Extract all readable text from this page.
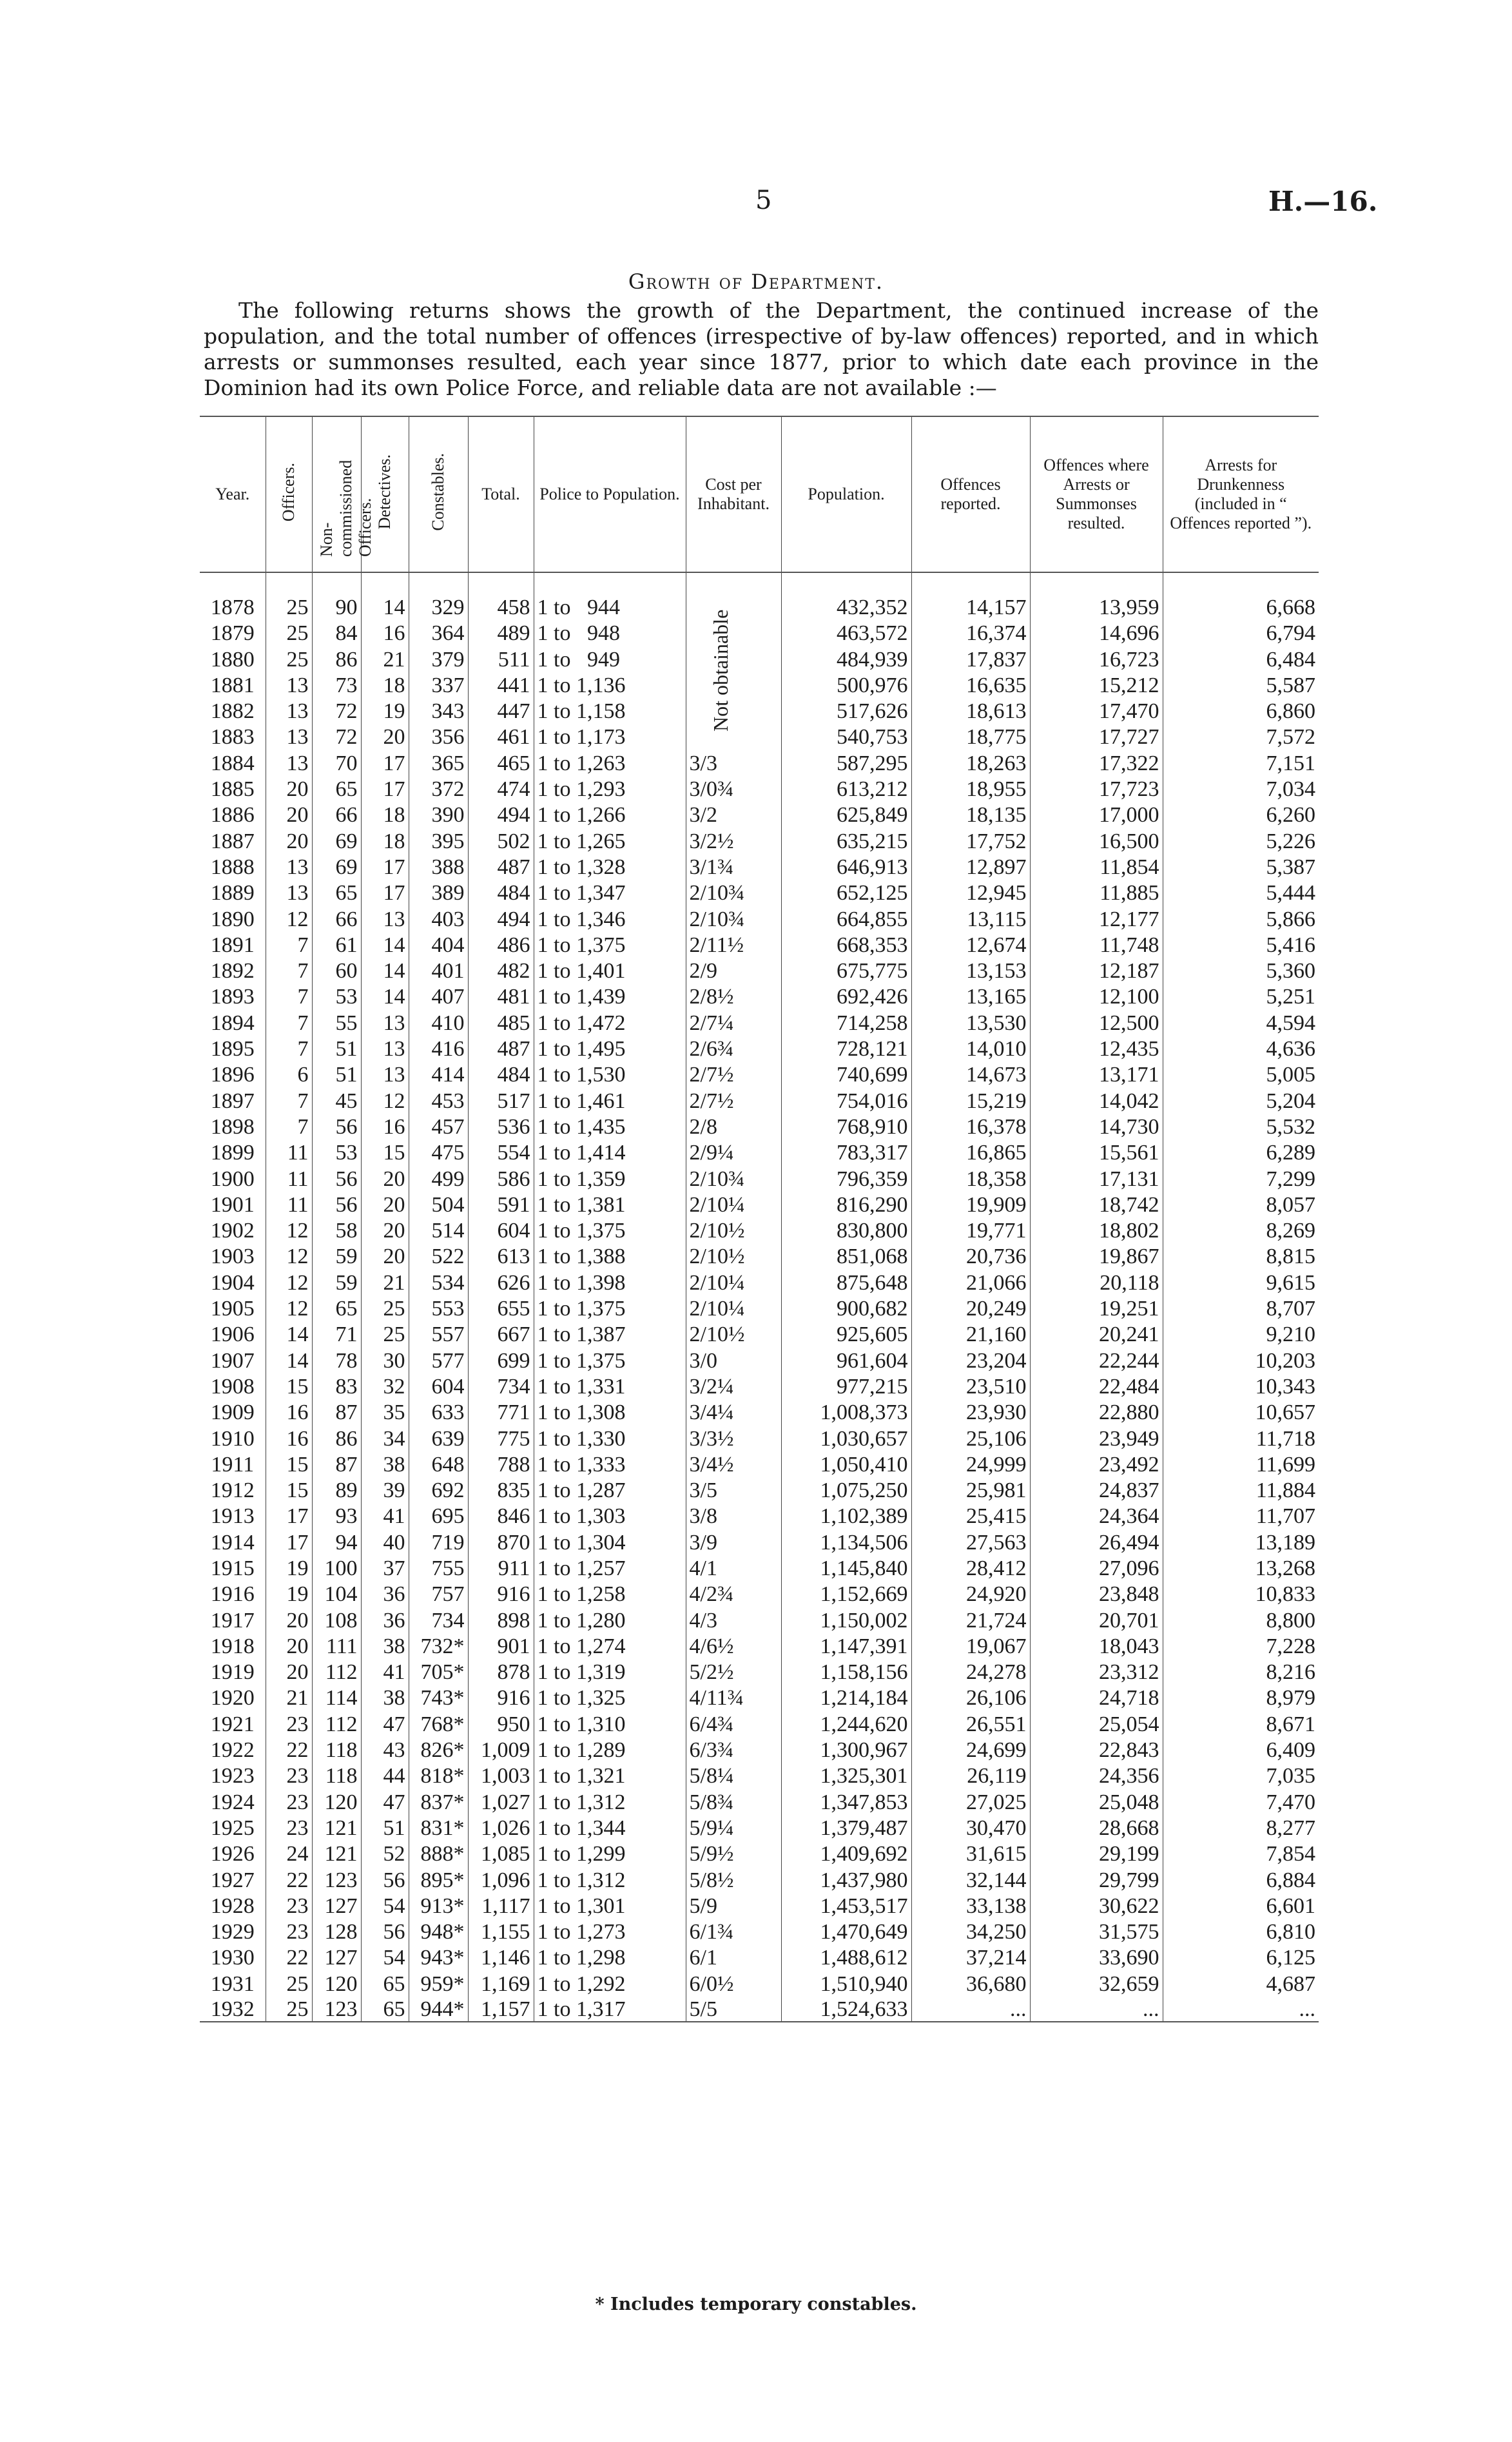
5	H.—16.
Growth of Department.

The following returns shows the growth of the Department, the continued increase of the population, and the total number of offences (irrespective of by-law offences) reported, and in which arrests or summonses resulted, each year since 1877, prior to which date each province in the Dominion had its own Police Force, and reliable data are not available :—

Year.	Officers.	Non-commissioned Officers.	Detectives.	Constables.	Total.	Police to Population.	Cost per Inhabitant.	Population.	Offences reported.	Offences where Arrests or Summonses resulted.	Arrests for Drunkenness (included in “ Offences reported ”).
1878	25	90	14	329	458	1 to   944	Not obtainable	432,352	14,157	13,959	6,668
1879	25	84	16	364	489	1 to   948		463,572	16,374	14,696	6,794
1880	25	86	21	379	511	1 to   949		484,939	17,837	16,723	6,484
1881	13	73	18	337	441	1 to 1,136		500,976	16,635	15,212	5,587
1882	13	72	19	343	447	1 to 1,158		517,626	18,613	17,470	6,860
1883	13	72	20	356	461	1 to 1,173		540,753	18,775	17,727	7,572
1884	13	70	17	365	465	1 to 1,263	3/3	587,295	18,263	17,322	7,151
1885	20	65	17	372	474	1 to 1,293	3/0¾	613,212	18,955	17,723	7,034
1886	20	66	18	390	494	1 to 1,266	3/2	625,849	18,135	17,000	6,260
1887	20	69	18	395	502	1 to 1,265	3/2½	635,215	17,752	16,500	5,226
1888	13	69	17	388	487	1 to 1,328	3/1¾	646,913	12,897	11,854	5,387
1889	13	65	17	389	484	1 to 1,347	2/10¾	652,125	12,945	11,885	5,444
1890	12	66	13	403	494	1 to 1,346	2/10¾	664,855	13,115	12,177	5,866
1891	7	61	14	404	486	1 to 1,375	2/11½	668,353	12,674	11,748	5,416
1892	7	60	14	401	482	1 to 1,401	2/9	675,775	13,153	12,187	5,360
1893	7	53	14	407	481	1 to 1,439	2/8½	692,426	13,165	12,100	5,251
1894	7	55	13	410	485	1 to 1,472	2/7¼	714,258	13,530	12,500	4,594
1895	7	51	13	416	487	1 to 1,495	2/6¾	728,121	14,010	12,435	4,636
1896	6	51	13	414	484	1 to 1,530	2/7½	740,699	14,673	13,171	5,005
1897	7	45	12	453	517	1 to 1,461	2/7½	754,016	15,219	14,042	5,204
1898	7	56	16	457	536	1 to 1,435	2/8	768,910	16,378	14,730	5,532
1899	11	53	15	475	554	1 to 1,414	2/9¼	783,317	16,865	15,561	6,289
1900	11	56	20	499	586	1 to 1,359	2/10¾	796,359	18,358	17,131	7,299
1901	11	56	20	504	591	1 to 1,381	2/10¼	816,290	19,909	18,742	8,057
1902	12	58	20	514	604	1 to 1,375	2/10½	830,800	19,771	18,802	8,269
1903	12	59	20	522	613	1 to 1,388	2/10½	851,068	20,736	19,867	8,815
1904	12	59	21	534	626	1 to 1,398	2/10¼	875,648	21,066	20,118	9,615
1905	12	65	25	553	655	1 to 1,375	2/10¼	900,682	20,249	19,251	8,707
1906	14	71	25	557	667	1 to 1,387	2/10½	925,605	21,160	20,241	9,210
1907	14	78	30	577	699	1 to 1,375	3/0	961,604	23,204	22,244	10,203
1908	15	83	32	604	734	1 to 1,331	3/2¼	977,215	23,510	22,484	10,343
1909	16	87	35	633	771	1 to 1,308	3/4¼	1,008,373	23,930	22,880	10,657
1910	16	86	34	639	775	1 to 1,330	3/3½	1,030,657	25,106	23,949	11,718
1911	15	87	38	648	788	1 to 1,333	3/4½	1,050,410	24,999	23,492	11,699
1912	15	89	39	692	835	1 to 1,287	3/5	1,075,250	25,981	24,837	11,884
1913	17	93	41	695	846	1 to 1,303	3/8	1,102,389	25,415	24,364	11,707
1914	17	94	40	719	870	1 to 1,304	3/9	1,134,506	27,563	26,494	13,189
1915	19	100	37	755	911	1 to 1,257	4/1	1,145,840	28,412	27,096	13,268
1916	19	104	36	757	916	1 to 1,258	4/2¾	1,152,669	24,920	23,848	10,833
1917	20	108	36	734	898	1 to 1,280	4/3	1,150,002	21,724	20,701	8,800
1918	20	111	38	732*	901	1 to 1,274	4/6½	1,147,391	19,067	18,043	7,228
1919	20	112	41	705*	878	1 to 1,319	5/2½	1,158,156	24,278	23,312	8,216
1920	21	114	38	743*	916	1 to 1,325	4/11¾	1,214,184	26,106	24,718	8,979
1921	23	112	47	768*	950	1 to 1,310	6/4¾	1,244,620	26,551	25,054	8,671
1922	22	118	43	826*	1,009	1 to 1,289	6/3¾	1,300,967	24,699	22,843	6,409
1923	23	118	44	818*	1,003	1 to 1,321	5/8¼	1,325,301	26,119	24,356	7,035
1924	23	120	47	837*	1,027	1 to 1,312	5/8¾	1,347,853	27,025	25,048	7,470
1925	23	121	51	831*	1,026	1 to 1,344	5/9¼	1,379,487	30,470	28,668	8,277
1926	24	121	52	888*	1,085	1 to 1,299	5/9½	1,409,692	31,615	29,199	7,854
1927	22	123	56	895*	1,096	1 to 1,312	5/8½	1,437,980	32,144	29,799	6,884
1928	23	127	54	913*	1,117	1 to 1,301	5/9	1,453,517	33,138	30,622	6,601
1929	23	128	56	948*	1,155	1 to 1,273	6/1¾	1,470,649	34,250	31,575	6,810
1930	22	127	54	943*	1,146	1 to 1,298	6/1	1,488,612	37,214	33,690	6,125
1931	25	120	65	959*	1,169	1 to 1,292	6/0½	1,510,940	36,680	32,659	4,687
1932	25	123	65	944*	1,157	1 to 1,317	5/5	1,524,633	...	...	...
* Includes temporary constables.
